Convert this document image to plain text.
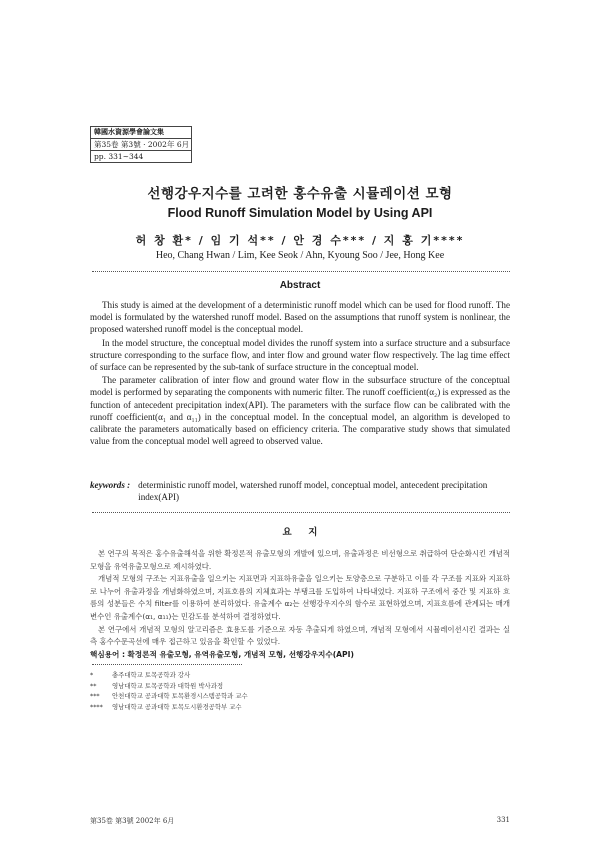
韓國水資源學會論文集
第35卷 第3號 · 2002年 6月
pp. 331~344
선행강우지수를 고려한 홍수유출 시뮬레이션 모형
Flood Runoff Simulation Model by Using API
허 창 환* / 임 기 석** / 안 경 수*** / 지 홍 기****
Heo, Chang Hwan / Lim, Kee Seok / Ahn, Kyoung Soo / Jee, Hong Kee
Abstract

This study is aimed at the development of a deterministic runoff model which can be used for flood runoff. The model is formulated by the watershed runoff model. Based on the assumptions that runoff system is nonlinear, the proposed watershed runoff model is the conceptual model.

In the model structure, the conceptual model divides the runoff system into a surface structure and a subsurface structure corresponding to the surface flow, and inter flow and ground water flow respectively. The lag time effect of surface can be represented by the sub-tank of surface structure in the conceptual model.

The parameter calibration of inter flow and ground water flow in the subsurface structure of the conceptual model is performed by separating the components with numeric filter. The runoff coefficient(α₂) is expressed as the function of antecedent precipitation index(API). The parameters with the surface flow can be calibrated with the runoff coefficient(α₁ and α₁₁) in the conceptual model. In the conceptual model, an algorithm is developed to calibrate the parameters automatically based on efficiency criteria. The comparative study shows that simulated value from the conceptual model well agreed to observed value.

keywords : deterministic runoff model, watershed runoff model, conceptual model, antecedent precipitation index(API)
요     지

본 연구의 목적은 홍수유출해석을 위한 확정론적 유출모형의 개발에 있으며, 유출과정은 비선형으로 취급하여 단순화시킨 개념적 모형을 유역유출모형으로 제시하였다.

개념적 모형의 구조는 지표유출을 일으키는 지표면과 지표하유출을 일으키는 토양층으로 구분하고 이를 각 구조를 지표와 지표하로 나누어 유출과정을 개념화하였으며, 지표호름의 지체효과는 부탱크를 도입하여 나타내었다. 지표하 구조에서 중간 및 지표하 흐름의 성분들은 수치 filter를 이용하여 분리하였다. 유출계수 α₂는 선행강우지수의 함수로 표현하였으며, 지표흐름에 관계되는 매개변수인 유출계수(α₁, α₁₁)는 민감도를 분석하여 결정하였다.

본 연구에서 개념적 모형의 알고리즘은 효용도를 기준으로 자동 추출되게 하였으며, 개념적 모형에서 시뮬레이션시킨 결과는 실측 홍수수문곡선에 매우 접근하고 있음을 확인할 수 있었다.

핵심용어 : 확정론적 유출모형, 유역유출모형, 개념적 모형, 선행강우지수(API)
*	충주대학교 토목공학과 강사
**	영남대학교 토목공학과 대학원 박사과정
***	안천대학교 공과대학 토목환경시스템공학과 교수
****	영남대학교 공과대학 토목도시환경공학부 교수
第35卷 第3號 2002年 6月	331
